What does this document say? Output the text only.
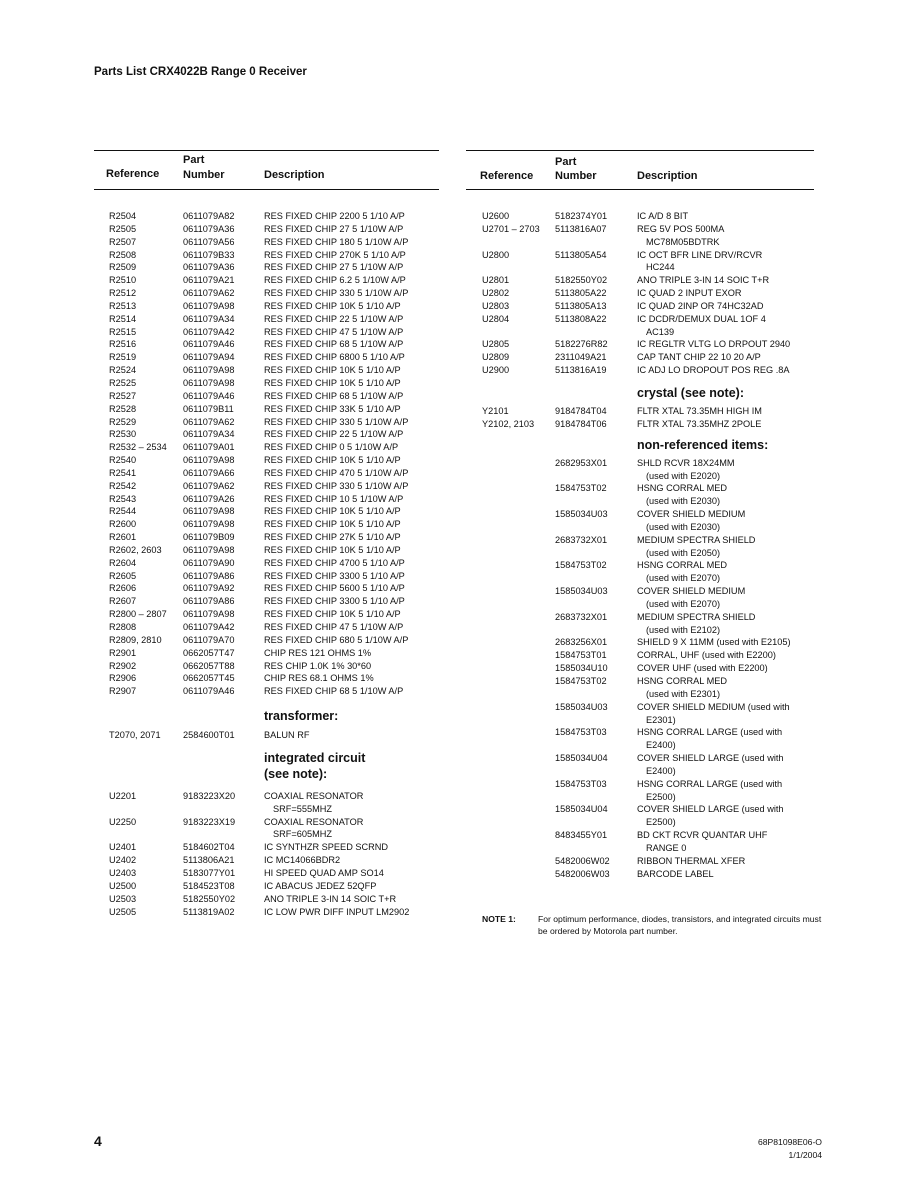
Parts List CRX4022B Range 0 Receiver
Reference
Part
Number	Description
R2504	0611079A82	RES FIXED CHIP 2200 5 1/10 A/P
R2505	0611079A36	RES FIXED CHIP 27 5 1/10W A/P
R2507	0611079A56	RES FIXED CHIP 180 5 1/10W A/P
R2508	0611079B33	RES FIXED CHIP 270K 5 1/10 A/P
R2509	0611079A36	RES FIXED CHIP 27 5 1/10W A/P
R2510	0611079A21	RES FIXED CHIP 6.2 5 1/10W A/P
R2512	0611079A62	RES FIXED CHIP 330 5 1/10W A/P
R2513	0611079A98	RES FIXED CHIP 10K 5 1/10 A/P
R2514	0611079A34	RES FIXED CHIP 22 5 1/10W A/P
R2515	0611079A42	RES FIXED CHIP 47 5 1/10W A/P
R2516	0611079A46	RES FIXED CHIP 68 5 1/10W A/P
R2519	0611079A94	RES FIXED CHIP 6800 5 1/10 A/P
R2524	0611079A98	RES FIXED CHIP 10K 5 1/10 A/P
R2525	0611079A98	RES FIXED CHIP 10K 5 1/10 A/P
R2527	0611079A46	RES FIXED CHIP 68 5 1/10W A/P
R2528	0611079B11	RES FIXED CHIP 33K 5 1/10 A/P
R2529	0611079A62	RES FIXED CHIP 330 5 1/10W A/P
R2530	0611079A34	RES FIXED CHIP 22 5 1/10W A/P
R2532 – 2534 0611079A01	RES FIXED CHIP 0 5 1/10W A/P
R2540	0611079A98	RES FIXED CHIP 10K 5 1/10 A/P
R2541	0611079A66	RES FIXED CHIP 470 5 1/10W A/P
R2542	0611079A62	RES FIXED CHIP 330 5 1/10W A/P
R2543	0611079A26	RES FIXED CHIP 10 5 1/10W A/P
R2544	0611079A98	RES FIXED CHIP 10K 5 1/10 A/P
R2600	0611079A98	RES FIXED CHIP 10K 5 1/10 A/P
R2601	0611079B09	RES FIXED CHIP 27K 5 1/10 A/P
R2602, 2603 0611079A98	RES FIXED CHIP 10K 5 1/10 A/P
R2604	0611079A90	RES FIXED CHIP 4700 5 1/10 A/P
R2605	0611079A86	RES FIXED CHIP 3300 5 1/10 A/P
R2606	0611079A92	RES FIXED CHIP 5600 5 1/10 A/P
R2607	0611079A86	RES FIXED CHIP 3300 5 1/10 A/P
R2800 – 2807 0611079A98	RES FIXED CHIP 10K 5 1/10 A/P
R2808	0611079A42	RES FIXED CHIP 47 5 1/10W A/P
R2809, 2810 0611079A70	RES FIXED CHIP 680 5 1/10W A/P
R2901	0662057T47	CHIP RES 121 OHMS 1%
R2902	0662057T88	RES CHIP 1.0K 1% 30*60
R2906	0662057T45	CHIP RES 68.1 OHMS 1%
R2907	0611079A46	RES FIXED CHIP 68 5 1/10W A/P
transformer:
T2070, 2071 2584600T01	BALUN RF
integrated circuit
(see note):
U2201	9183223X20	COAXIAL RESONATOR
SRF=555MHZ
U2250	9183223X19	COAXIAL RESONATOR
SRF=605MHZ
U2401	5184602T04	IC SYNTHZR SPEED SCRND
U2402	5113806A21	IC MC14066BDR2
U2403	5183077Y01	HI SPEED QUAD AMP SO14
U2500	5184523T08	IC ABACUS JEDEZ 52QFP
U2503	5182550Y02	ANO TRIPLE 3-IN 14 SOIC T+R
U2505	5113819A02	IC LOW PWR DIFF INPUT LM2902
Reference
Part
Number	Description
U2600	5182374Y01	IC A/D 8 BIT
U2701 – 2703 5113816A07	REG 5V POS 500MA
MC78M05BDTRK
U2800	5113805A54	IC OCT BFR LINE DRV/RCVR
HC244
U2801	5182550Y02	ANO TRIPLE 3-IN 14 SOIC T+R
U2802	5113805A22	IC QUAD 2 INPUT EXOR
U2803	5113805A13	IC QUAD 2INP OR 74HC32AD
U2804	5113808A22	IC DCDR/DEMUX DUAL 1OF 4
AC139
U2805	5182276R82	IC REGLTR VLTG LO DRPOUT 2940
U2809	2311049A21	CAP TANT CHIP 22 10 20 A/P
U2900	5113816A19	IC ADJ LO DROPOUT POS REG .8A
crystal (see note):
Y2101	9184784T04	FLTR XTAL 73.35MH HIGH IM
Y2102, 2103 9184784T06	FLTR XTAL 73.35MHZ 2POLE
non-referenced items:
2682953X01	SHLD RCVR 18X24MM
(used with E2020)
1584753T02	HSNG CORRAL MED
(used with E2030)
1585034U03	COVER SHIELD MEDIUM
(used with E2030)
2683732X01	MEDIUM SPECTRA SHIELD
(used with E2050)
1584753T02	HSNG CORRAL MED
(used with E2070)
1585034U03	COVER SHIELD MEDIUM
(used with E2070)
2683732X01	MEDIUM SPECTRA SHIELD
(used with E2102)
2683256X01	SHIELD 9 X 11MM (used with E2105)
1584753T01	CORRAL, UHF (used with E2200)
1585034U10	COVER UHF (used with E2200)
1584753T02	HSNG CORRAL MED
(used with E2301)
1585034U03	COVER SHIELD MEDIUM (used with
E2301)
1584753T03	HSNG CORRAL LARGE (used with
E2400)
1585034U04	COVER SHIELD LARGE (used with
E2400)
1584753T03	HSNG CORRAL LARGE (used with
E2500)
1585034U04	COVER SHIELD LARGE (used with
E2500)
8483455Y01	BD CKT RCVR QUANTAR UHF
RANGE 0
5482006W02	RIBBON THERMAL XFER
5482006W03	BARCODE LABEL
NOTE 1:	For optimum performance, diodes, transistors, and integrated circuits must be ordered by Motorola part number.
4	68P81098E06-O
1/1/2004
